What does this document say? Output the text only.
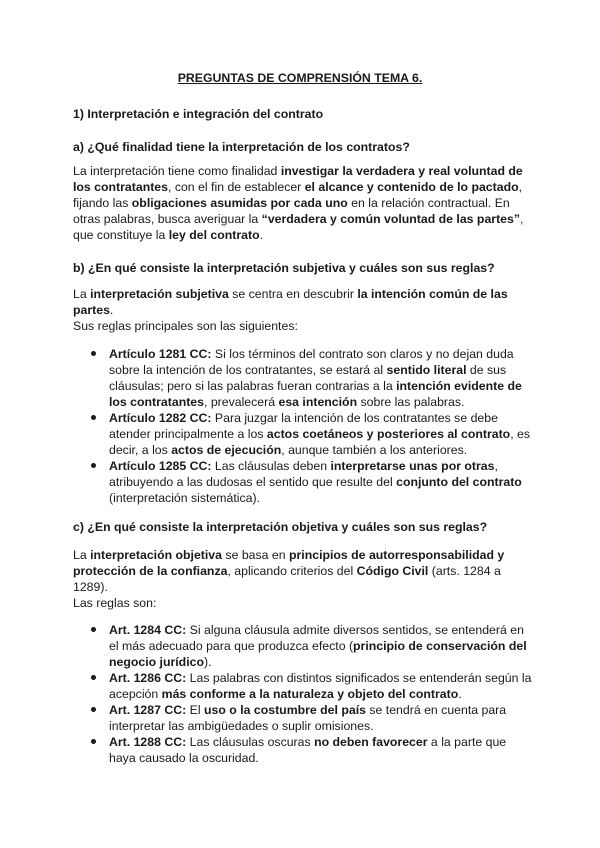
PREGUNTAS DE COMPRENSIÓN TEMA 6.
1) Interpretación e integración del contrato
a) ¿Qué finalidad tiene la interpretación de los contratos?
La interpretación tiene como finalidad investigar la verdadera y real voluntad de
los contratantes, con el fin de establecer el alcance y contenido de lo pactado,
fijando las obligaciones asumidas por cada uno en la relación contractual. En
otras palabras, busca averiguar la “verdadera y común voluntad de las partes”,
que constituye la ley del contrato.
b) ¿En qué consiste la interpretación subjetiva y cuáles son sus reglas?
La interpretación subjetiva se centra en descubrir la intención común de las
partes.
Sus reglas principales son las siguientes:
Artículo 1281 CC: Si los términos del contrato son claros y no dejan duda
sobre la intención de los contratantes, se estará al sentido literal de sus
cláusulas; pero si las palabras fueran contrarias a la intención evidente de
los contratantes, prevalecerá esa intención sobre las palabras.
Artículo 1282 CC: Para juzgar la intención de los contratantes se debe
atender principalmente a los actos coetáneos y posteriores al contrato, es
decir, a los actos de ejecución, aunque también a los anteriores.
Artículo 1285 CC: Las cláusulas deben interpretarse unas por otras,
atribuyendo a las dudosas el sentido que resulte del conjunto del contrato
(interpretación sistemática).
c) ¿En qué consiste la interpretación objetiva y cuáles son sus reglas?
La interpretación objetiva se basa en principios de autorresponsabilidad y
protección de la confianza, aplicando criterios del Código Civil (arts. 1284 a
1289).
Las reglas son:
Art. 1284 CC: Si alguna cláusula admite diversos sentidos, se entenderá en
el más adecuado para que produzca efecto (principio de conservación del
negocio jurídico).
Art. 1286 CC: Las palabras con distintos significados se entenderán según la
acepción más conforme a la naturaleza y objeto del contrato.
Art. 1287 CC: El uso o la costumbre del país se tendrá en cuenta para
interpretar las ambigüedades o suplir omisiones.
Art. 1288 CC: Las cláusulas oscuras no deben favorecer a la parte que
haya causado la oscuridad.
